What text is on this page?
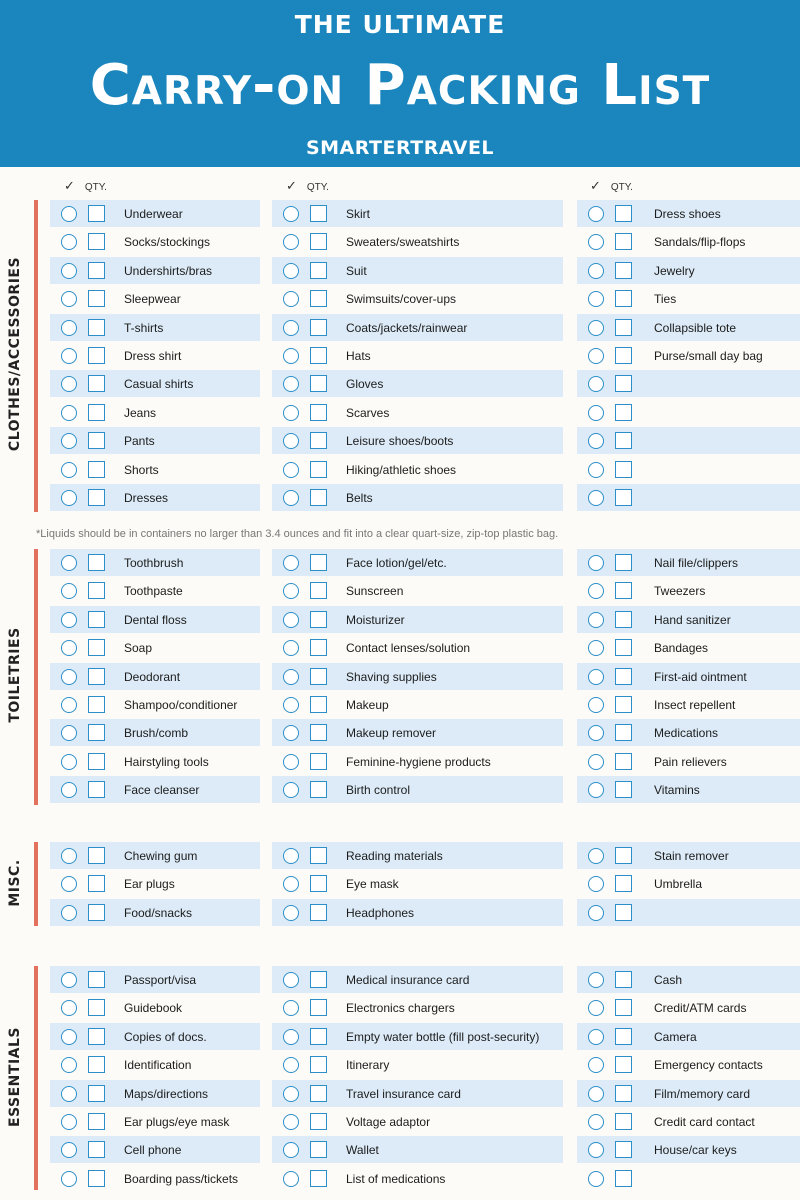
THE ULTIMATE
Carry-on Packing List
SMARTERTRAVEL
✓ QTY.	✓ QTY.	✓ QTY.
*Liquids should be in containers no larger than 3.4 ounces and fit into a clear quart-size, zip-top plastic bag.
CLOTHES/ACCESSORIES
Underwear
Socks/stockings
Undershirts/bras
Sleepwear
T-shirts
Dress shirt
Casual shirts
Jeans
Pants
Shorts
Dresses
Skirt
Sweaters/sweatshirts
Suit
Swimsuits/cover-ups
Coats/jackets/rainwear
Hats
Gloves
Scarves
Leisure shoes/boots
Hiking/athletic shoes
Belts
Dress shoes
Sandals/flip-flops
Jewelry
Ties
Collapsible tote
Purse/small day bag
TOILETRIES
Toothbrush
Toothpaste
Dental floss
Soap
Deodorant
Shampoo/conditioner
Brush/comb
Hairstyling tools
Face cleanser
Face lotion/gel/etc.
Sunscreen
Moisturizer
Contact lenses/solution
Shaving supplies
Makeup
Makeup remover
Feminine-hygiene products
Birth control
Nail file/clippers
Tweezers
Hand sanitizer
Bandages
First-aid ointment
Insect repellent
Medications
Pain relievers
Vitamins
MISC.
Chewing gum
Ear plugs
Food/snacks
Reading materials
Eye mask
Headphones
Stain remover
Umbrella
ESSENTIALS
Passport/visa
Guidebook
Copies of docs.
Identification
Maps/directions
Ear plugs/eye mask
Cell phone
Boarding pass/tickets
Medical insurance card
Electronics chargers
Empty water bottle (fill post-security)
Itinerary
Travel insurance card
Voltage adaptor
Wallet
List of medications
Cash
Credit/ATM cards
Camera
Emergency contacts
Film/memory card
Credit card contact
House/car keys
